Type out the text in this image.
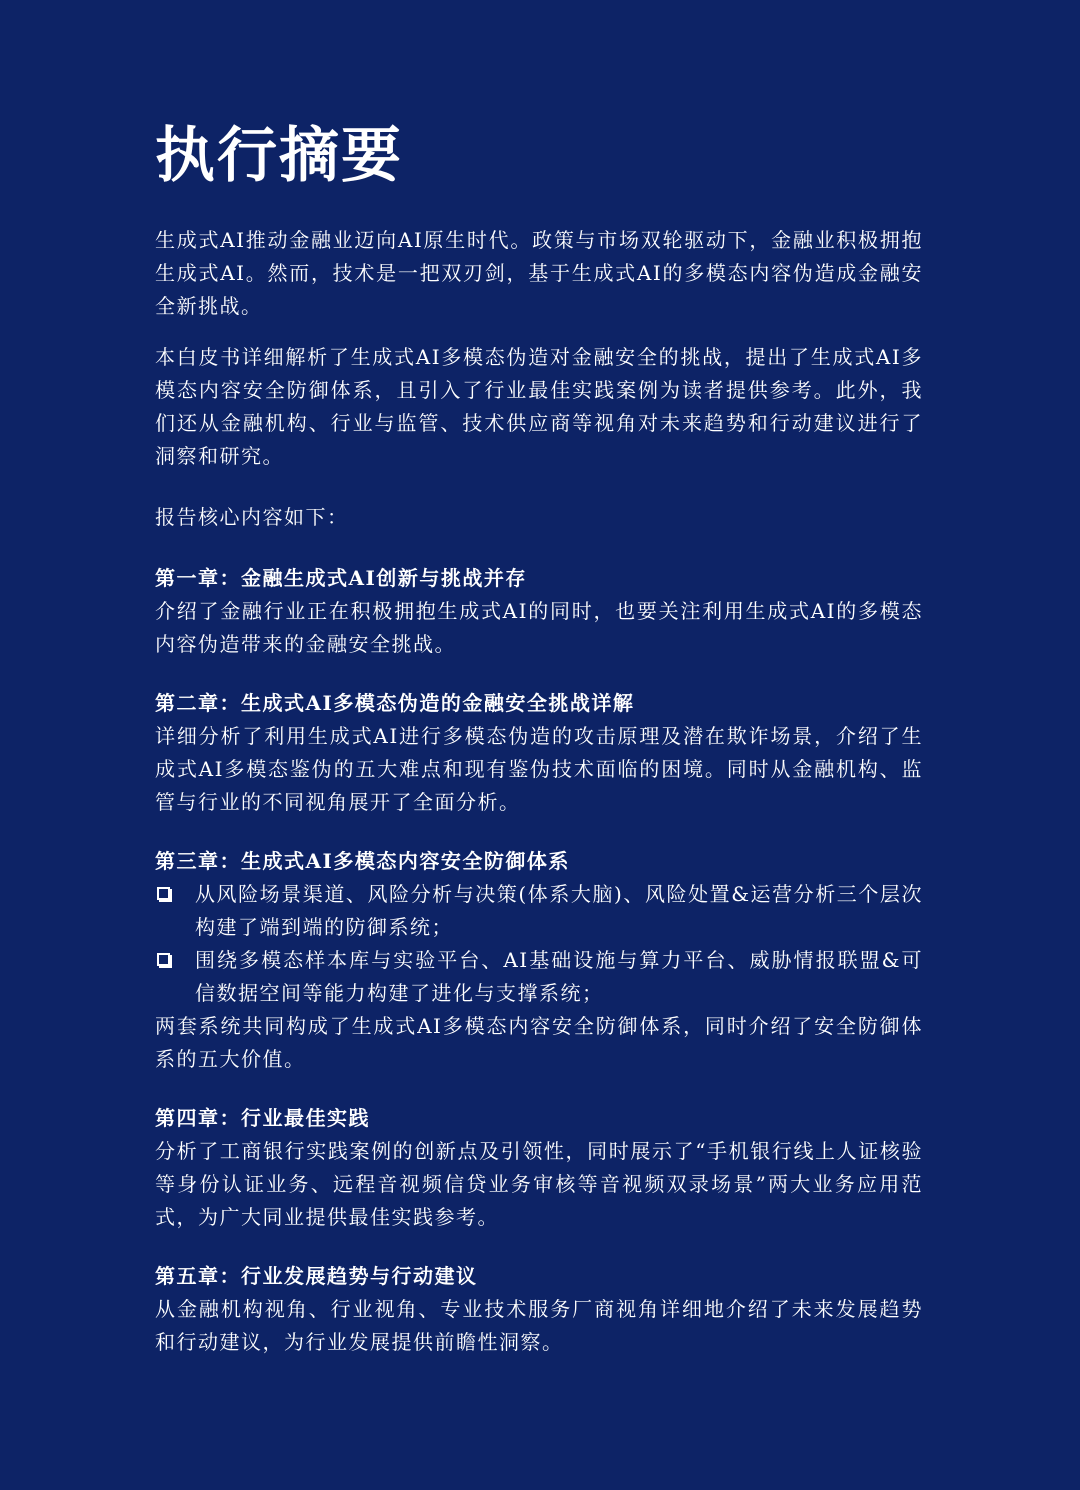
执行摘要

生成式AI推动金融业迈向AI原生时代。政策与市场双轮驱动下，金融业积极拥抱生成式AI。然而，技术是一把双刃剑，基于生成式AI的多模态内容伪造成金融安全新挑战。

本白皮书详细解析了生成式AI多模态伪造对金融安全的挑战，提出了生成式AI多模态内容安全防御体系，且引入了行业最佳实践案例为读者提供参考。此外，我们还从金融机构、行业与监管、技术供应商等视角对未来趋势和行动建议进行了洞察和研究。

报告核心内容如下：
第一章：金融生成式AI创新与挑战并存
介绍了金融行业正在积极拥抱生成式AI的同时，也要关注利用生成式AI的多模态内容伪造带来的金融安全挑战。
第二章：生成式AI多模态伪造的金融安全挑战详解
详细分析了利用生成式AI进行多模态伪造的攻击原理及潜在欺诈场景，介绍了生成式AI多模态鉴伪的五大难点和现有鉴伪技术面临的困境。同时从金融机构、监管与行业的不同视角展开了全面分析。
第三章：生成式AI多模态内容安全防御体系
从风险场景渠道、风险分析与决策(体系大脑)、风险处置&运营分析三个层次构建了端到端的防御系统；
围绕多模态样本库与实验平台、AI基础设施与算力平台、威胁情报联盟&可信数据空间等能力构建了进化与支撑系统；
两套系统共同构成了生成式AI多模态内容安全防御体系，同时介绍了安全防御体系的五大价值。
第四章：行业最佳实践
分析了工商银行实践案例的创新点及引领性，同时展示了“手机银行线上人证核验等身份认证业务、远程音视频信贷业务审核等音视频双录场景”两大业务应用范式，为广大同业提供最佳实践参考。
第五章：行业发展趋势与行动建议
从金融机构视角、行业视角、专业技术服务厂商视角详细地介绍了未来发展趋势和行动建议，为行业发展提供前瞻性洞察。
